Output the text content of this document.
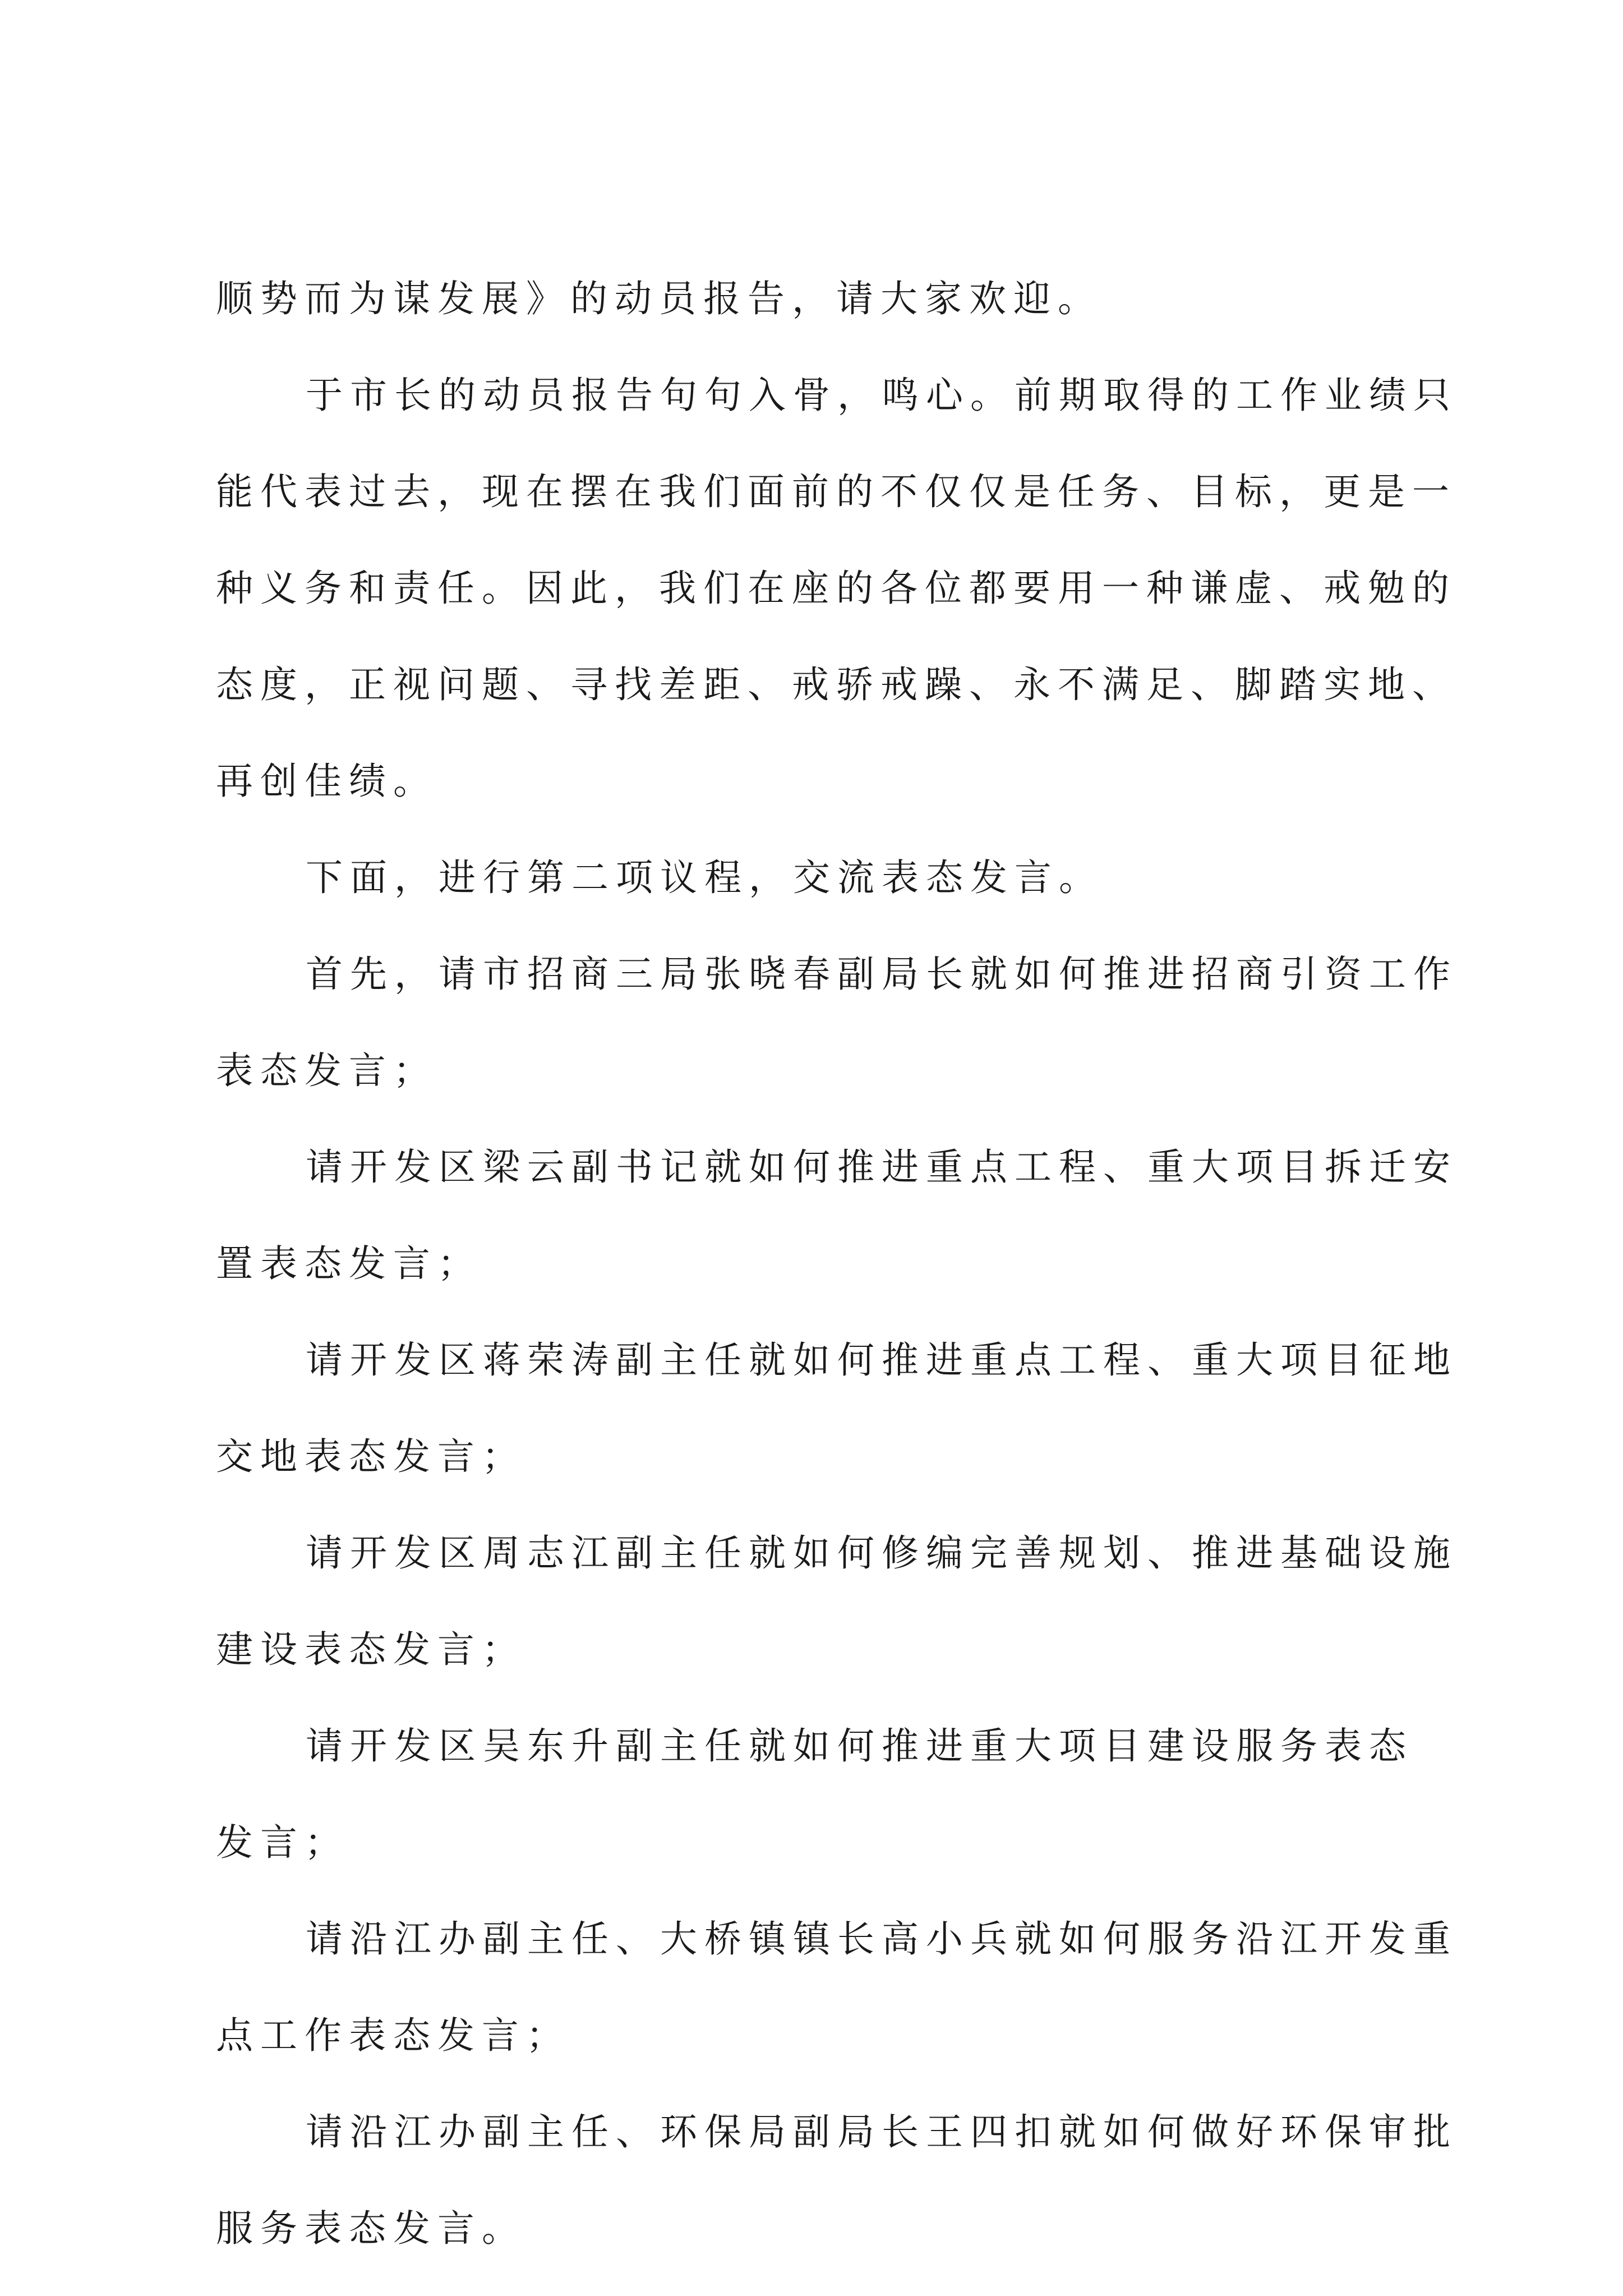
顺势而为谋发展》的动员报告，请大家欢迎。

于市长的动员报告句句入骨，鸣心。前期取得的工作业绩只

能代表过去，现在摆在我们面前的不仅仅是任务、目标，更是一

种义务和责任。因此，我们在座的各位都要用一种谦虚、戒勉的

态度，正视问题、寻找差距、戒骄戒躁、永不满足、脚踏实地、

再创佳绩。

下面，进行第二项议程，交流表态发言。

首先，请市招商三局张晓春副局长就如何推进招商引资工作

表态发言；

请开发区梁云副书记就如何推进重点工程、重大项目拆迁安

置表态发言；

请开发区蒋荣涛副主任就如何推进重点工程、重大项目征地

交地表态发言；

请开发区周志江副主任就如何修编完善规划、推进基础设施

建设表态发言；

请开发区吴东升副主任就如何推进重大项目建设服务表态

发言；

请沿江办副主任、大桥镇镇长高小兵就如何服务沿江开发重

点工作表态发言；

请沿江办副主任、环保局副局长王四扣就如何做好环保审批

服务表态发言。
